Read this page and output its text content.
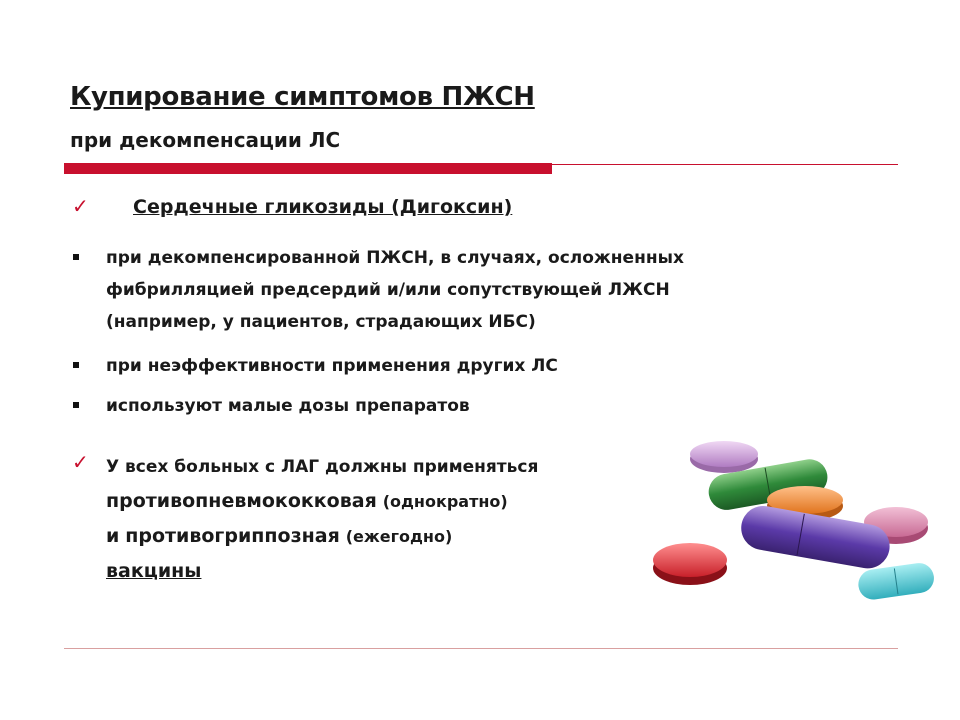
Купирование симптомов ПЖСН
при декомпенсации ЛС
✓ Сердечные гликозиды (Дигоксин)
при декомпенсированной ПЖСН, в случаях, осложненных
фибрилляцией предсердий и/или сопутствующей ЛЖСН
(например, у пациентов, страдающих ИБС)
при неэффективности применения других ЛС
используют малые дозы препаратов
✓ У всех больных с ЛАГ должны применяться
противопневмококковая (однократно)
и противогриппозная (ежегодно)
вакцины
